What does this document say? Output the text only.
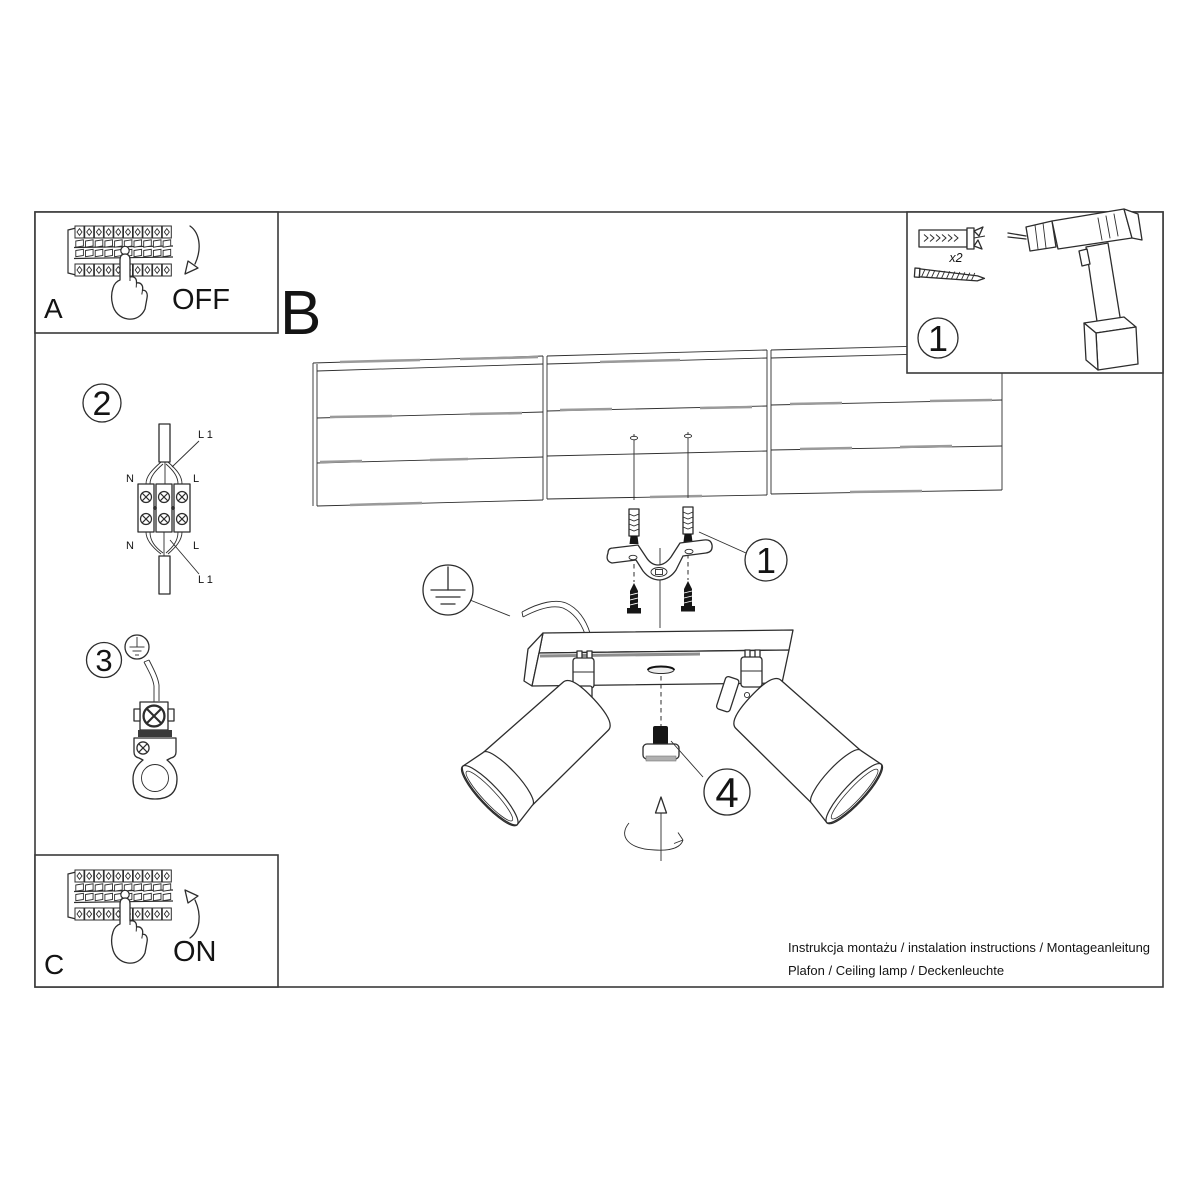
1
4
2
L 1
N	L
N	L
L 1
3
A	OFF B
x2
1
C	ON	Instrukcja montażu / instalation instructions / Montageanleitung
Plafon / Ceiling lamp / Deckenleuchte
